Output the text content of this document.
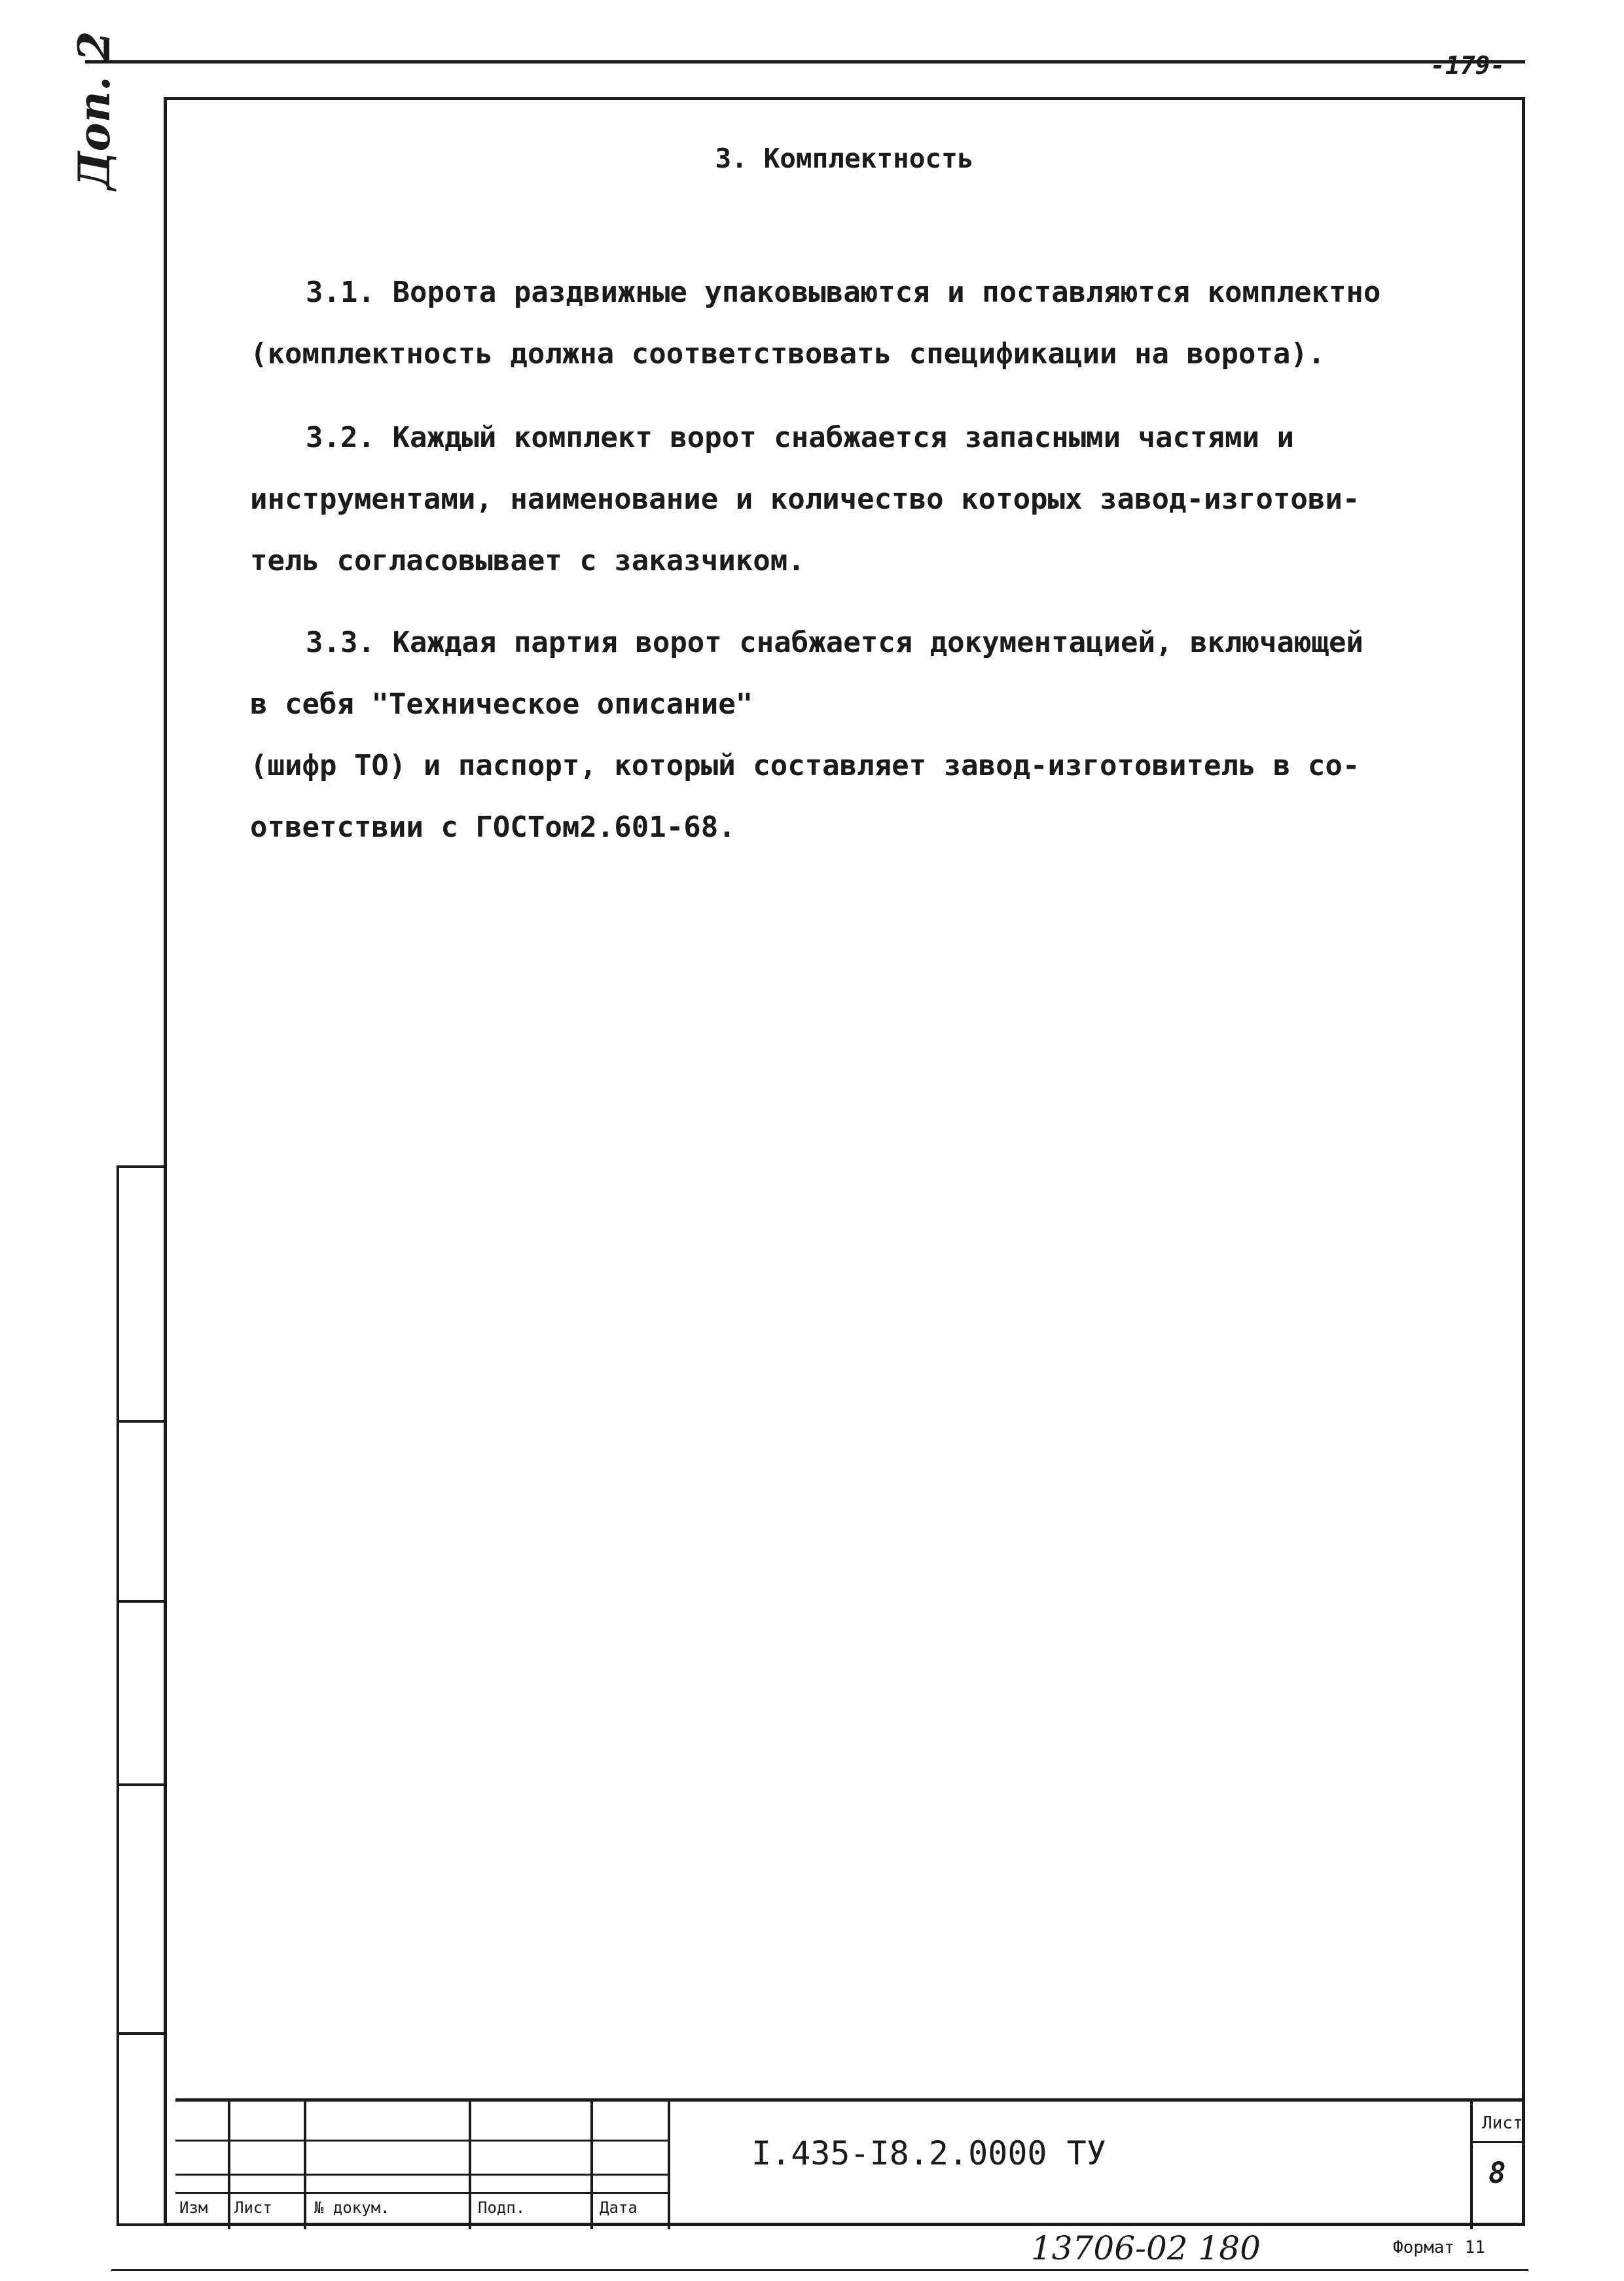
-179-
Доп. 2	3. Комплектность
3.1. Ворота раздвижные упаковываются и поставляются комплектно
(комплектность должна соответствовать спецификации на ворота).
3.2. Каждый комплект ворот снабжается запасными частями и
инструментами, наименование и количество которых завод-изготови-
тель согласовывает с заказчиком.
3.3. Каждая партия ворот снабжается документацией, включающей
в себя "Техническое описание"
(шифр ТО) и паспорт, который составляет завод-изготовитель в со-
ответствии с ГОСТом2.601-68.
Изм Лист	№ докум.	Подп.	Дата
I.435-I8.2.0000 ТУ
Лист
8
13706-02 180	Формат 11
